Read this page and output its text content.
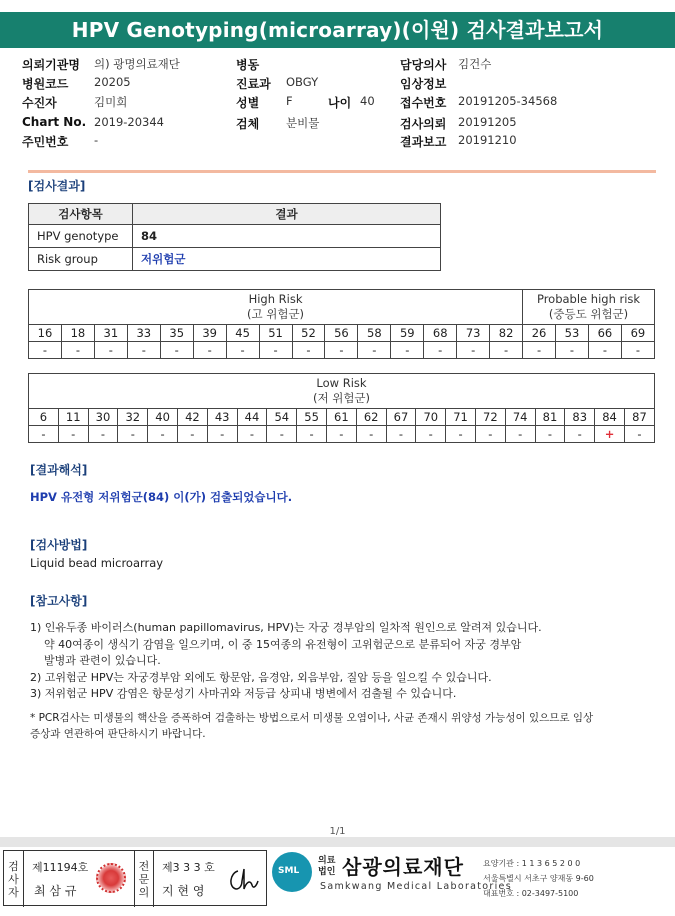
HPV Genotyping(microarray)(이원) 검사결과보고서
의뢰기관명 의) 광명의료재단	병동	담당의사 김건수
병원코드 20205	진료과 OBGY	임상정보
수진자	김미희	성별 F	나이 40 접수번호 20191205-34568
Chart No. 2019-20344	검체 분비물	검사의뢰 20191205
주민번호 -	결과보고 20191210
[검사결과]
검사항목	결과
HPV genotype	84
Risk group	저위험군
High Risk
(고 위험군)															Probable high risk
(중등도 위험군)			
16	18	31	33	35	39	45	51	52	56	58	59	68	73	82	26	53	66	69
-	-	-	-	-	-	-	-	-	-	-	-	-	-	-	-	-	-	-
Low Risk
(저 위험군)																				
6	11	30	32	40	42	43	44	54	55	61	62	67	70	71	72	74	81	83	84	87
-	-	-	-	-	-	-	-	-	-	-	-	-	-	-	-	-	-	-	+	-
[결과해석]
HPV 유전형 저위험군(84) 이(가) 검출되었습니다.
[검사방법]
Liquid bead microarray
[참고사항]
1) 인유두종 바이러스(human papillomavirus, HPV)는 자궁 경부암의 일차적 원인으로 알려져 있습니다.
약 40여종이 생식기 감염을 일으키며, 이 중 15여종의 유전형이 고위험군으로 분류되어 자궁 경부암
발병과 관련이 있습니다.
2) 고위험군 HPV는 자궁경부암 외에도 항문암, 음경암, 외음부암, 질암 등을 일으킬 수 있습니다.
3) 저위험군 HPV 감염은 항문성기 사마귀와 저등급 상피내 병변에서 검출될 수 있습니다.
* PCR검사는 미생물의 핵산을 증폭하여 검출하는 방법으로서 미생물 오염이나, 사균 존재시 위양성 가능성이 있으므로 임상
증상과 연관하여 판단하시기 바랍니다.
1/1
검
사
자
제11194호
최 삼 규
전
문
의
제3 3 3 호
지 현 영
SML
의료
법인 삼광의료재단
Samkwang Medical Laboratories
요양기관 : 1 1 3 6 5 2 0 0
서울특별시 서초구 양재동 9-60
대표번호 : 02-3497-5100
